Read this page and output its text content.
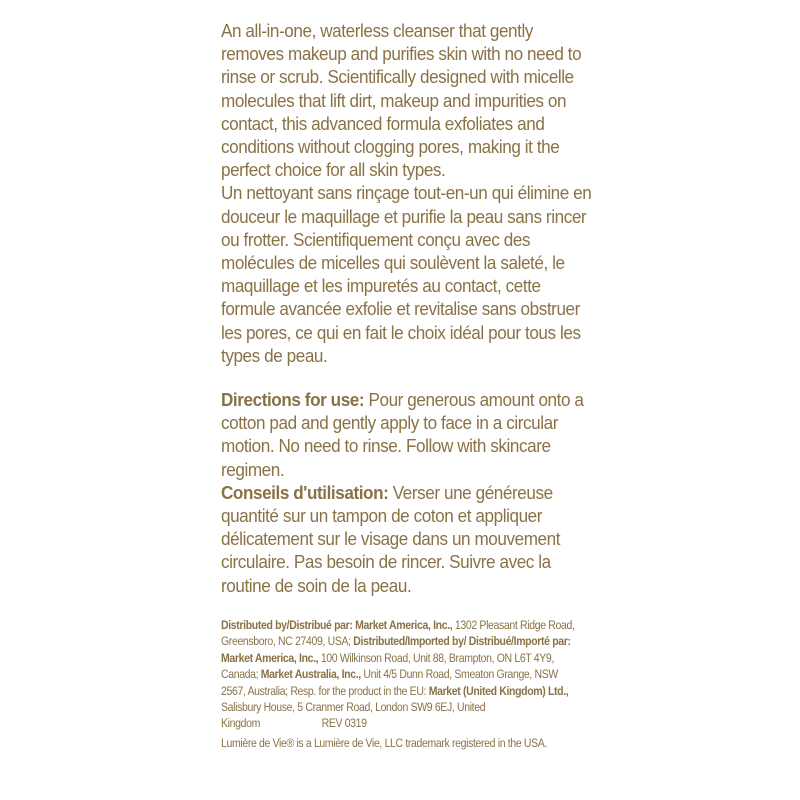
An all-in-one, waterless cleanser that gently removes makeup and purifies skin with no need to rinse or scrub. Scientifically designed with micelle molecules that lift dirt, makeup and impurities on contact, this advanced formula exfoliates and conditions without clogging pores, making it the perfect choice for all skin types.

Un nettoyant sans rinçage tout-en-un qui élimine en douceur le maquillage et purifie la peau sans rincer ou frotter. Scientifiquement conçu avec des molécules de micelles qui soulèvent la saleté, le maquillage et les impuretés au contact, cette formule avancée exfolie et revitalise sans obstruer les pores, ce qui en fait le choix idéal pour tous les types de peau.

Directions for use: Pour generous amount onto a cotton pad and gently apply to face in a circular motion. No need to rinse. Follow with skincare regimen.

Conseils d'utilisation: Verser une généreuse quantité sur un tampon de coton et appliquer délicatement sur le visage dans un mouvement circulaire. Pas besoin de rincer. Suivre avec la routine de soin de la peau.

Distributed by/Distribué par: Market America, Inc., 1302 Pleasant Ridge Road, Greensboro, NC 27409, USA; Distributed/Imported by/ Distribué/Importé par: Market America, Inc., 100 Wilkinson Road, Unit 88, Brampton, ON L6T 4Y9, Canada; Market Australia, Inc., Unit 4/5 Dunn Road, Smeaton Grange, NSW 2567, Australia; Resp. for the product in the EU: Market (United Kingdom) Ltd., Salisbury House, 5 Cranmer Road, London SW9 6EJ, United Kingdom	REV 0319
Lumière de Vie® is a Lumière de Vie, LLC trademark registered in the USA.
